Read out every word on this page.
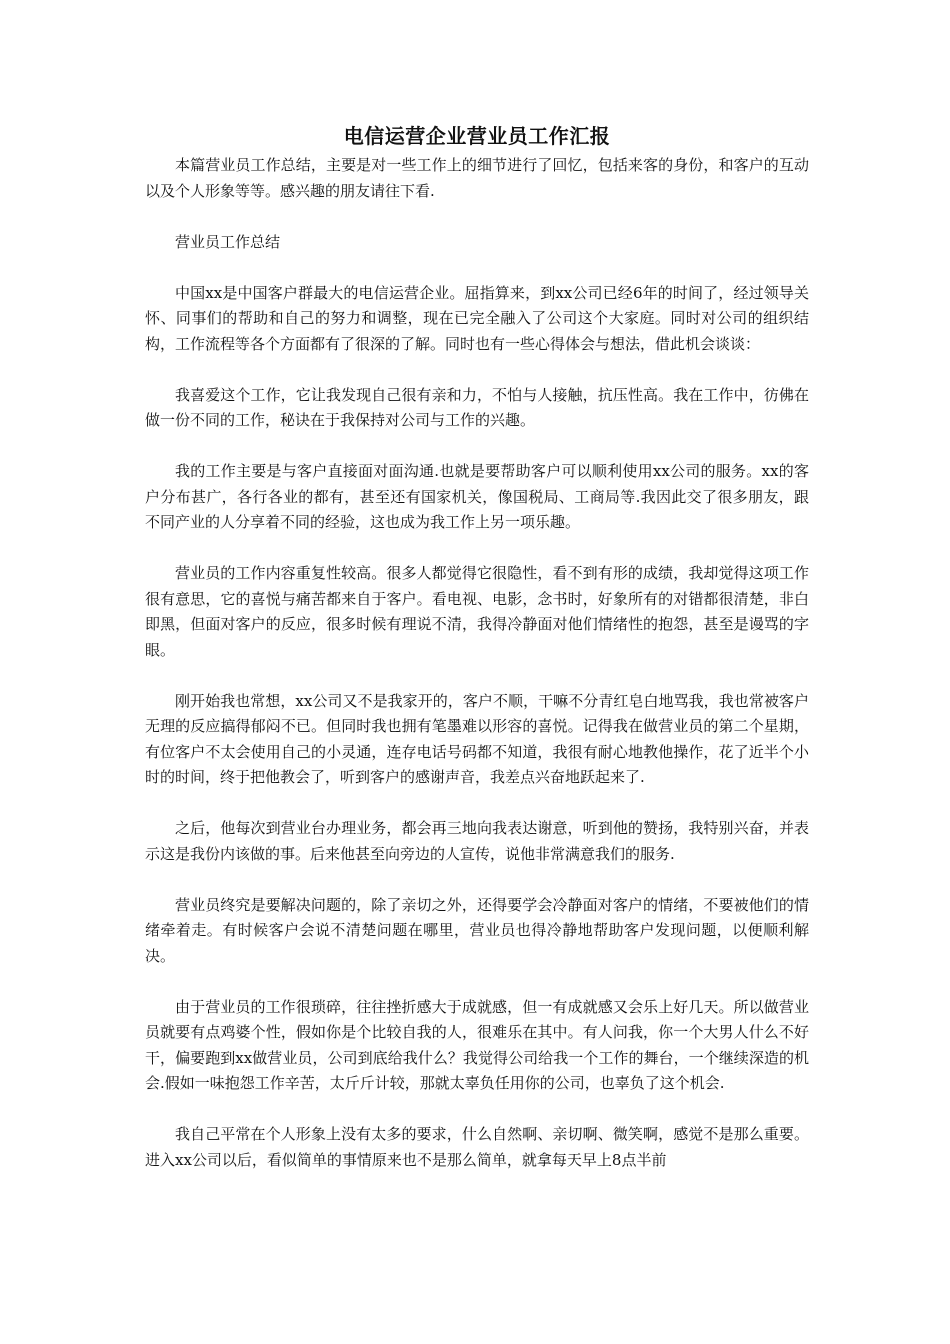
电信运营企业营业员工作汇报

本篇营业员工作总结，主要是对一些工作上的细节进行了回忆，包括来客的身份，和客户的互动以及个人形象等等。感兴趣的朋友请往下看.

营业员工作总结

中国xx是中国客户群最大的电信运营企业。屈指算来，到xx公司已经6年的时间了，经过领导关怀、同事们的帮助和自己的努力和调整，现在已完全融入了公司这个大家庭。同时对公司的组织结构，工作流程等各个方面都有了很深的了解。同时也有一些心得体会与想法，借此机会谈谈：

我喜爱这个工作，它让我发现自己很有亲和力，不怕与人接触，抗压性高。我在工作中，彷佛在做一份不同的工作，秘诀在于我保持对公司与工作的兴趣。

我的工作主要是与客户直接面对面沟通.也就是要帮助客户可以顺利使用xx公司的服务。xx的客户分布甚广，各行各业的都有，甚至还有国家机关，像国税局、工商局等.我因此交了很多朋友，跟不同产业的人分享着不同的经验，这也成为我工作上另一项乐趣。

营业员的工作内容重复性较高。很多人都觉得它很隐性，看不到有形的成绩，我却觉得这项工作很有意思，它的喜悦与痛苦都来自于客户。看电视、电影，念书时，好象所有的对错都很清楚，非白即黑，但面对客户的反应，很多时候有理说不清，我得冷静面对他们情绪性的抱怨，甚至是谩骂的字眼。

刚开始我也常想，xx公司又不是我家开的，客户不顺，干嘛不分青红皂白地骂我，我也常被客户无理的反应搞得郁闷不已。但同时我也拥有笔墨难以形容的喜悦。记得我在做营业员的第二个星期，有位客户不太会使用自己的小灵通，连存电话号码都不知道，我很有耐心地教他操作，花了近半个小时的时间，终于把他教会了，听到客户的感谢声音，我差点兴奋地跃起来了.

之后，他每次到营业台办理业务，都会再三地向我表达谢意，听到他的赞扬，我特别兴奋，并表示这是我份内该做的事。后来他甚至向旁边的人宣传，说他非常满意我们的服务.

营业员终究是要解决问题的，除了亲切之外，还得要学会冷静面对客户的情绪，不要被他们的情绪牵着走。有时候客户会说不清楚问题在哪里，营业员也得冷静地帮助客户发现问题，以便顺利解决。

由于营业员的工作很琐碎，往往挫折感大于成就感，但一有成就感又会乐上好几天。所以做营业员就要有点鸡婆个性，假如你是个比较自我的人，很难乐在其中。有人问我，你一个大男人什么不好干，偏要跑到xx做营业员，公司到底给我什么？我觉得公司给我一个工作的舞台，一个继续深造的机会.假如一味抱怨工作辛苦，太斤斤计较，那就太辜负任用你的公司，也辜负了这个机会.

我自己平常在个人形象上没有太多的要求，什么自然啊、亲切啊、微笑啊，感觉不是那么重要。进入xx公司以后，看似简单的事情原来也不是那么简单，就拿每天早上8点半前
